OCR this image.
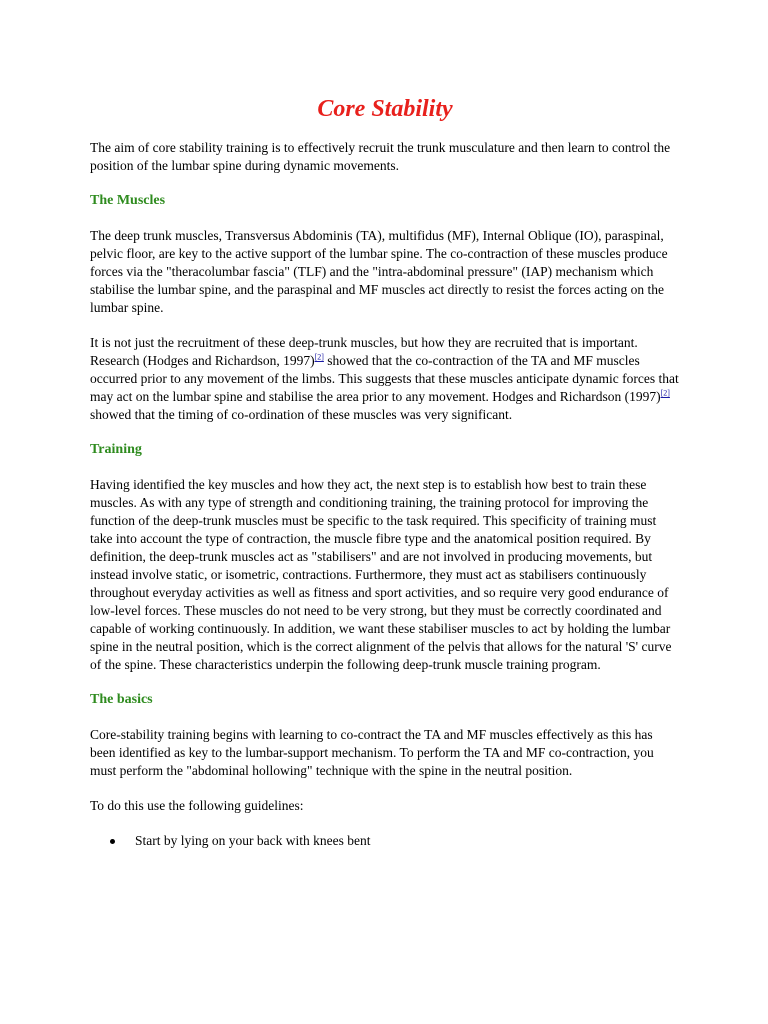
Core Stability

The aim of core stability training is to effectively recruit the trunk musculature and then learn to control the position of the lumbar spine during dynamic movements.

The Muscles

The deep trunk muscles, Transversus Abdominis (TA), multifidus (MF), Internal Oblique (IO), paraspinal, pelvic floor, are key to the active support of the lumbar spine. The co-contraction of these muscles produce forces via the "theracolumbar fascia" (TLF) and the "intra-abdominal pressure" (IAP) mechanism which stabilise the lumbar spine, and the paraspinal and MF muscles act directly to resist the forces acting on the lumbar spine.

It is not just the recruitment of these deep-trunk muscles, but how they are recruited that is important. Research (Hodges and Richardson, 1997)[2] showed that the co-contraction of the TA and MF muscles occurred prior to any movement of the limbs. This suggests that these muscles anticipate dynamic forces that may act on the lumbar spine and stabilise the area prior to any movement. Hodges and Richardson (1997)[2] showed that the timing of co-ordination of these muscles was very significant.

Training

Having identified the key muscles and how they act, the next step is to establish how best to train these muscles. As with any type of strength and conditioning training, the training protocol for improving the function of the deep-trunk muscles must be specific to the task required. This specificity of training must take into account the type of contraction, the muscle fibre type and the anatomical position required. By definition, the deep-trunk muscles act as "stabilisers" and are not involved in producing movements, but instead involve static, or isometric, contractions. Furthermore, they must act as stabilisers continuously throughout everyday activities as well as fitness and sport activities, and so require very good endurance of low-level forces. These muscles do not need to be very strong, but they must be correctly coordinated and capable of working continuously. In addition, we want these stabiliser muscles to act by holding the lumbar spine in the neutral position, which is the correct alignment of the pelvis that allows for the natural 'S' curve of the spine. These characteristics underpin the following deep-trunk muscle training program.

The basics

Core-stability training begins with learning to co-contract the TA and MF muscles effectively as this has been identified as key to the lumbar-support mechanism. To perform the TA and MF co-contraction, you must perform the "abdominal hollowing" technique with the spine in the neutral position.

To do this use the following guidelines:

Start by lying on your back with knees bent
